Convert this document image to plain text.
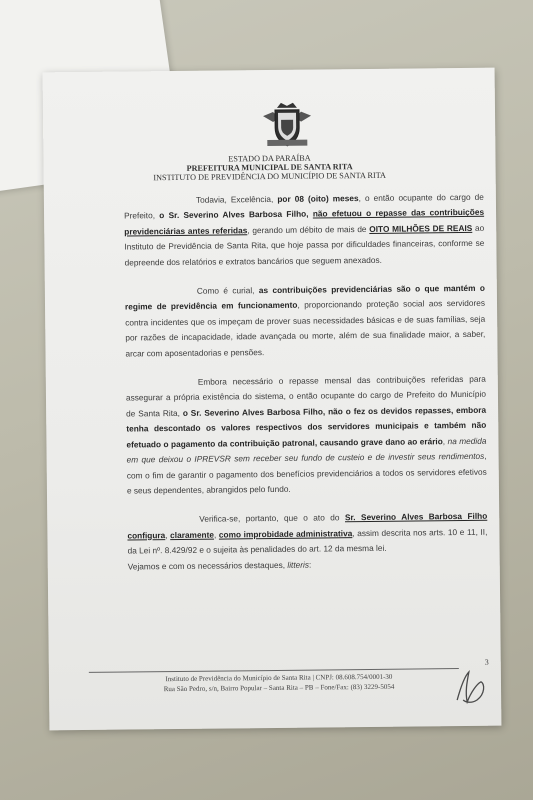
ESTADO DA PARAÍBA
PREFEITURA MUNICIPAL DE SANTA RITA
INSTITUTO DE PREVIDÊNCIA DO MUNICÍPIO DE SANTA RITA

Todavia, Excelência, por 08 (oito) meses, o então ocupante do cargo de Prefeito, o Sr. Severino Alves Barbosa Filho, não efetuou o repasse das contribuições previdenciárias antes referidas, gerando um débito de mais de OITO MILHÕES DE REAIS ao Instituto de Previdência de Santa Rita, que hoje passa por dificuldades financeiras, conforme se depreende dos relatórios e extratos bancários que seguem anexados.

Como é curial, as contribuições previdenciárias são o que mantém o regime de previdência em funcionamento, proporcionando proteção social aos servidores contra incidentes que os impeçam de prover suas necessidades básicas e de suas famílias, seja por razões de incapacidade, idade avançada ou morte, além de sua finalidade maior, a saber, arcar com aposentadorias e pensões.

Embora necessário o repasse mensal das contribuições referidas para assegurar a própria existência do sistema, o então ocupante do cargo de Prefeito do Município de Santa Rita, o Sr. Severino Alves Barbosa Filho, não o fez os devidos repasses, embora tenha descontado os valores respectivos dos servidores municipais e também não efetuado o pagamento da contribuição patronal, causando grave dano ao erário, na medida em que deixou o IPREVSR sem receber seu fundo de custeio e de investir seus rendimentos, com o fim de garantir o pagamento dos benefícios previdenciários a todos os servidores efetivos e seus dependentes, abrangidos pelo fundo.

Verifica-se, portanto, que o ato do Sr. Severino Alves Barbosa Filho configura, claramente, como improbidade administrativa, assim descrita nos arts. 10 e 11, II, da Lei nº. 8.429/92 e o sujeita às penalidades do art. 12 da mesma lei.

Vejamos e com os necessários destaques, litteris:
Instituto de Previdência do Município de Santa Rita | CNPJ: 08.608.754/0001-30
Rua São Pedro, s/n, Bairro Popular – Santa Rita – PB – Fone/Fax: (83) 3229-5054
3
